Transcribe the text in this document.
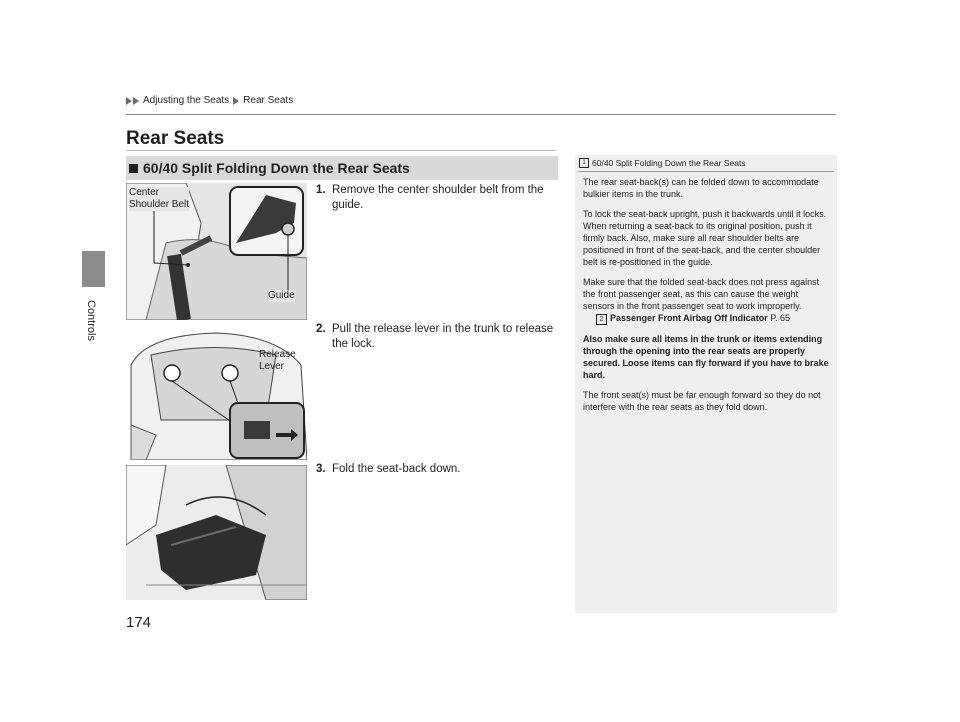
Adjusting the Seats Rear Seats
Controls
Rear Seats
60/40 Split Folding Down the Rear Seats
Center
Shoulder Belt
Guide
Release
Lever
1. Remove the center shoulder belt from the guide.
2. Pull the release lever in the trunk to release the lock.
3. Fold the seat-back down.
1 60/40 Split Folding Down the Rear Seats

The rear seat-back(s) can be folded down to accommodate bulkier items in the trunk.

To lock the seat-back upright, push it backwards until it locks.

When returning a seat-back to its original position, push it firmly back. Also, make sure all rear shoulder belts are positioned in front of the seat-back, and the center shoulder belt is re-positioned in the guide.

Make sure that the folded seat-back does not press against the front passenger seat, as this can cause the weight sensors in the front passenger seat to work improperly.

2 Passenger Front Airbag Off Indicator P. 65

Also make sure all items in the trunk or items extending through the opening into the rear seats are properly secured. Loose items can fly forward if you have to brake hard.

The front seat(s) must be far enough forward so they do not interfere with the rear seats as they fold down.

174
